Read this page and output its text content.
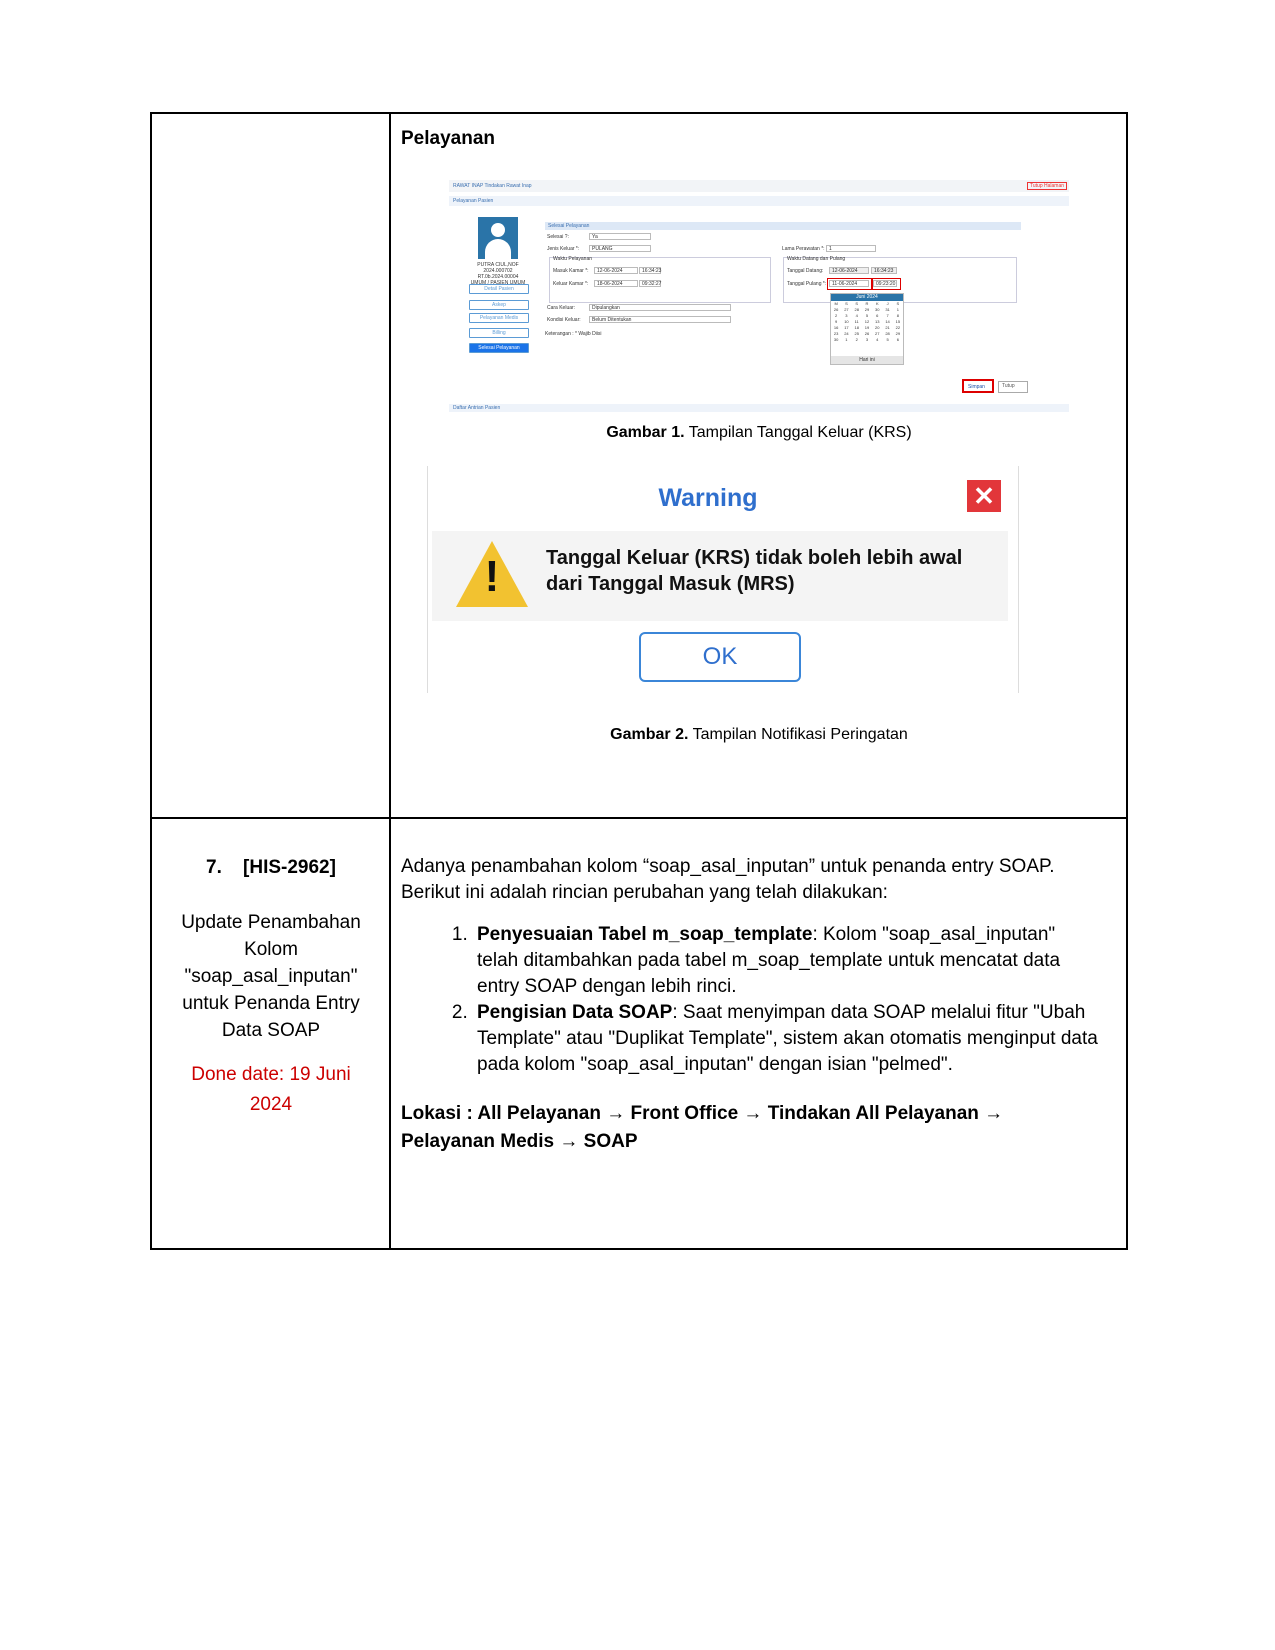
Pelayanan
RAWAT INAP Tindakan Rawat Inap	Tutup Halaman
Pelayanan Pasien
PUTRA CIUL,NOF
2024.000702
RT.0b.2024.00004
UMUM / PASIEN UMUM
Detail Pasien
Askep
Pelayanan Medis
Billing
Selesai Pelayanan
Selesai Pelayanan
Selesai ?:	Ya
Jenis Keluar *:	PULANG	Lama Perawatan *: 1
Waktu Pelayanan
Masuk Kamar *:	12-06-2024	16:34:23
Keluar Kamar *:	18-06-2024	09:32:27
Waktu Datang dan Pulang
Tanggal Datang:	12-06-2024	16:34:23
Tanggal Pulang *:	11-06-2024	09:23:20
Juni 2024
M	S	S	R	K	J	S
26	27	28	29	30	31	1
2	3	4	5	6	7	8
9	10	11	12	13	14	15
16	17	18	19	20	21	22
23	24	25	26	27	28	29
30	1	2	3	4	5	6
Hari ini
Cara Keluar:	Dipulangkan
Kondisi Keluar:	Belum Ditentukan
Keterangan : * Wajib Diisi
Simpan	Tutup
Daftar Antrian Pasien
Gambar 1. Tampilan Tanggal Keluar (KRS)
Warning	✕
! Tanggal Keluar (KRS) tidak boleh lebih awal
dari Tanggal Masuk (MRS)
OK
Gambar 2. Tampilan Notifikasi Peringatan
7. [HIS-2962]
Update Penambahan
Kolom
"soap_asal_inputan"
untuk Penanda Entry
Data SOAP
Done date: 19 Juni
2024
Adanya penambahan kolom “soap_asal_inputan” untuk penanda entry SOAP. Berikut ini adalah rincian perubahan yang telah dilakukan:
1. Penyesuaian Tabel m_soap_template: Kolom "soap_asal_inputan" telah ditambahkan pada tabel m_soap_template untuk mencatat data entry SOAP dengan lebih rinci.
2. Pengisian Data SOAP: Saat menyimpan data SOAP melalui fitur "Ubah Template" atau "Duplikat Template", sistem akan otomatis menginput data pada kolom "soap_asal_inputan" dengan isian "pelmed".
Lokasi : All Pelayanan → Front Office → Tindakan All Pelayanan → Pelayanan Medis → SOAP
